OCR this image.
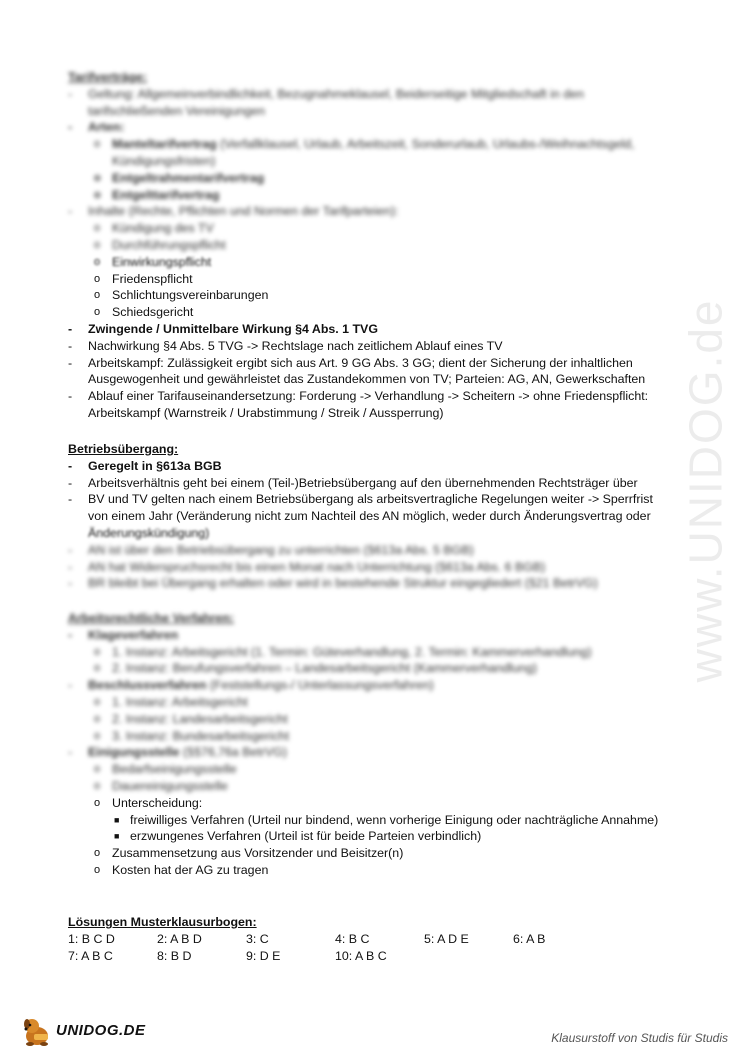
Tarifverträge:
- Geltung: Allgemeinverbindlichkeit, Bezugnahmeklausel, Beiderseitige Mitgliedschaft in den
tarifschließenden Vereinigungen
- Arten:
o Manteltarifvertrag (Verfallklausel, Urlaub, Arbeitszeit, Sonderurlaub, Urlaubs-/Weihnachtsgeld,
Kündigungsfristen)
o Entgeltrahmentarifvertrag
o Entgelttarifvertrag
- Inhalte (Rechte, Pflichten und Normen der Tarifparteien):
o Kündigung des TV
o Durchführungspflicht
o Einwirkungspflicht
o Friedenspflicht
o Schlichtungsvereinbarungen
o Schiedsgericht
- Zwingende / Unmittelbare Wirkung §4 Abs. 1 TVG
- Nachwirkung §4 Abs. 5 TVG -> Rechtslage nach zeitlichem Ablauf eines TV
- Arbeitskampf: Zulässigkeit ergibt sich aus Art. 9 GG Abs. 3 GG; dient der Sicherung der inhaltlichen
Ausgewogenheit und gewährleistet das Zustandekommen von TV; Parteien: AG, AN, Gewerkschaften
- Ablauf einer Tarifauseinandersetzung: Forderung -> Verhandlung -> Scheitern -> ohne Friedenspflicht:
Arbeitskampf (Warnstreik / Urabstimmung / Streik / Aussperrung)
Betriebsübergang:
- Geregelt in §613a BGB
- Arbeitsverhältnis geht bei einem (Teil-)Betriebsübergang auf den übernehmenden Rechtsträger über
- BV und TV gelten nach einem Betriebsübergang als arbeitsvertragliche Regelungen weiter -> Sperrfrist
von einem Jahr (Veränderung nicht zum Nachteil des AN möglich, weder durch Änderungsvertrag oder
Änderungskündigung)
- AN ist über den Betriebsübergang zu unterrichten (§613a Abs. 5 BGB)
- AN hat Widerspruchsrecht bis einen Monat nach Unterrichtung (§613a Abs. 6 BGB)
- BR bleibt bei Übergang erhalten oder wird in bestehende Struktur eingegliedert (§21 BetrVG)
Arbeitsrechtliche Verfahren:
- Klageverfahren
o 1. Instanz: Arbeitsgericht (1. Termin: Güteverhandlung, 2. Termin: Kammerverhandlung)
o 2. Instanz: Berufungsverfahren – Landesarbeitsgericht (Kammerverhandlung)
- Beschlussverfahren (Feststellungs-/ Unterlassungsverfahren)
o 1. Instanz: Arbeitsgericht
o 2. Instanz: Landesarbeitsgericht
o 3. Instanz: Bundesarbeitsgericht
- Einigungsstelle (§§76,76a BetrVG)
o Bedarfseinigungsstelle
o Dauereinigungsstelle
o Unterscheidung:
■ freiwilliges Verfahren (Urteil nur bindend, wenn vorherige Einigung oder nachträgliche Annahme)
■ erzwungenes Verfahren (Urteil ist für beide Parteien verbindlich)
o Zusammensetzung aus Vorsitzender und Beisitzer(n)
o Kosten hat der AG zu tragen
Lösungen Musterklausurbogen:
1: B C D	2: A B D	3: C	4: B C	5: A D E	6: A B
7: A B C	8: B D	9: D E	10: A B C
www.UNIDOG.de
UNIDOG.DE	Klausurstoff von Studis für Studis
